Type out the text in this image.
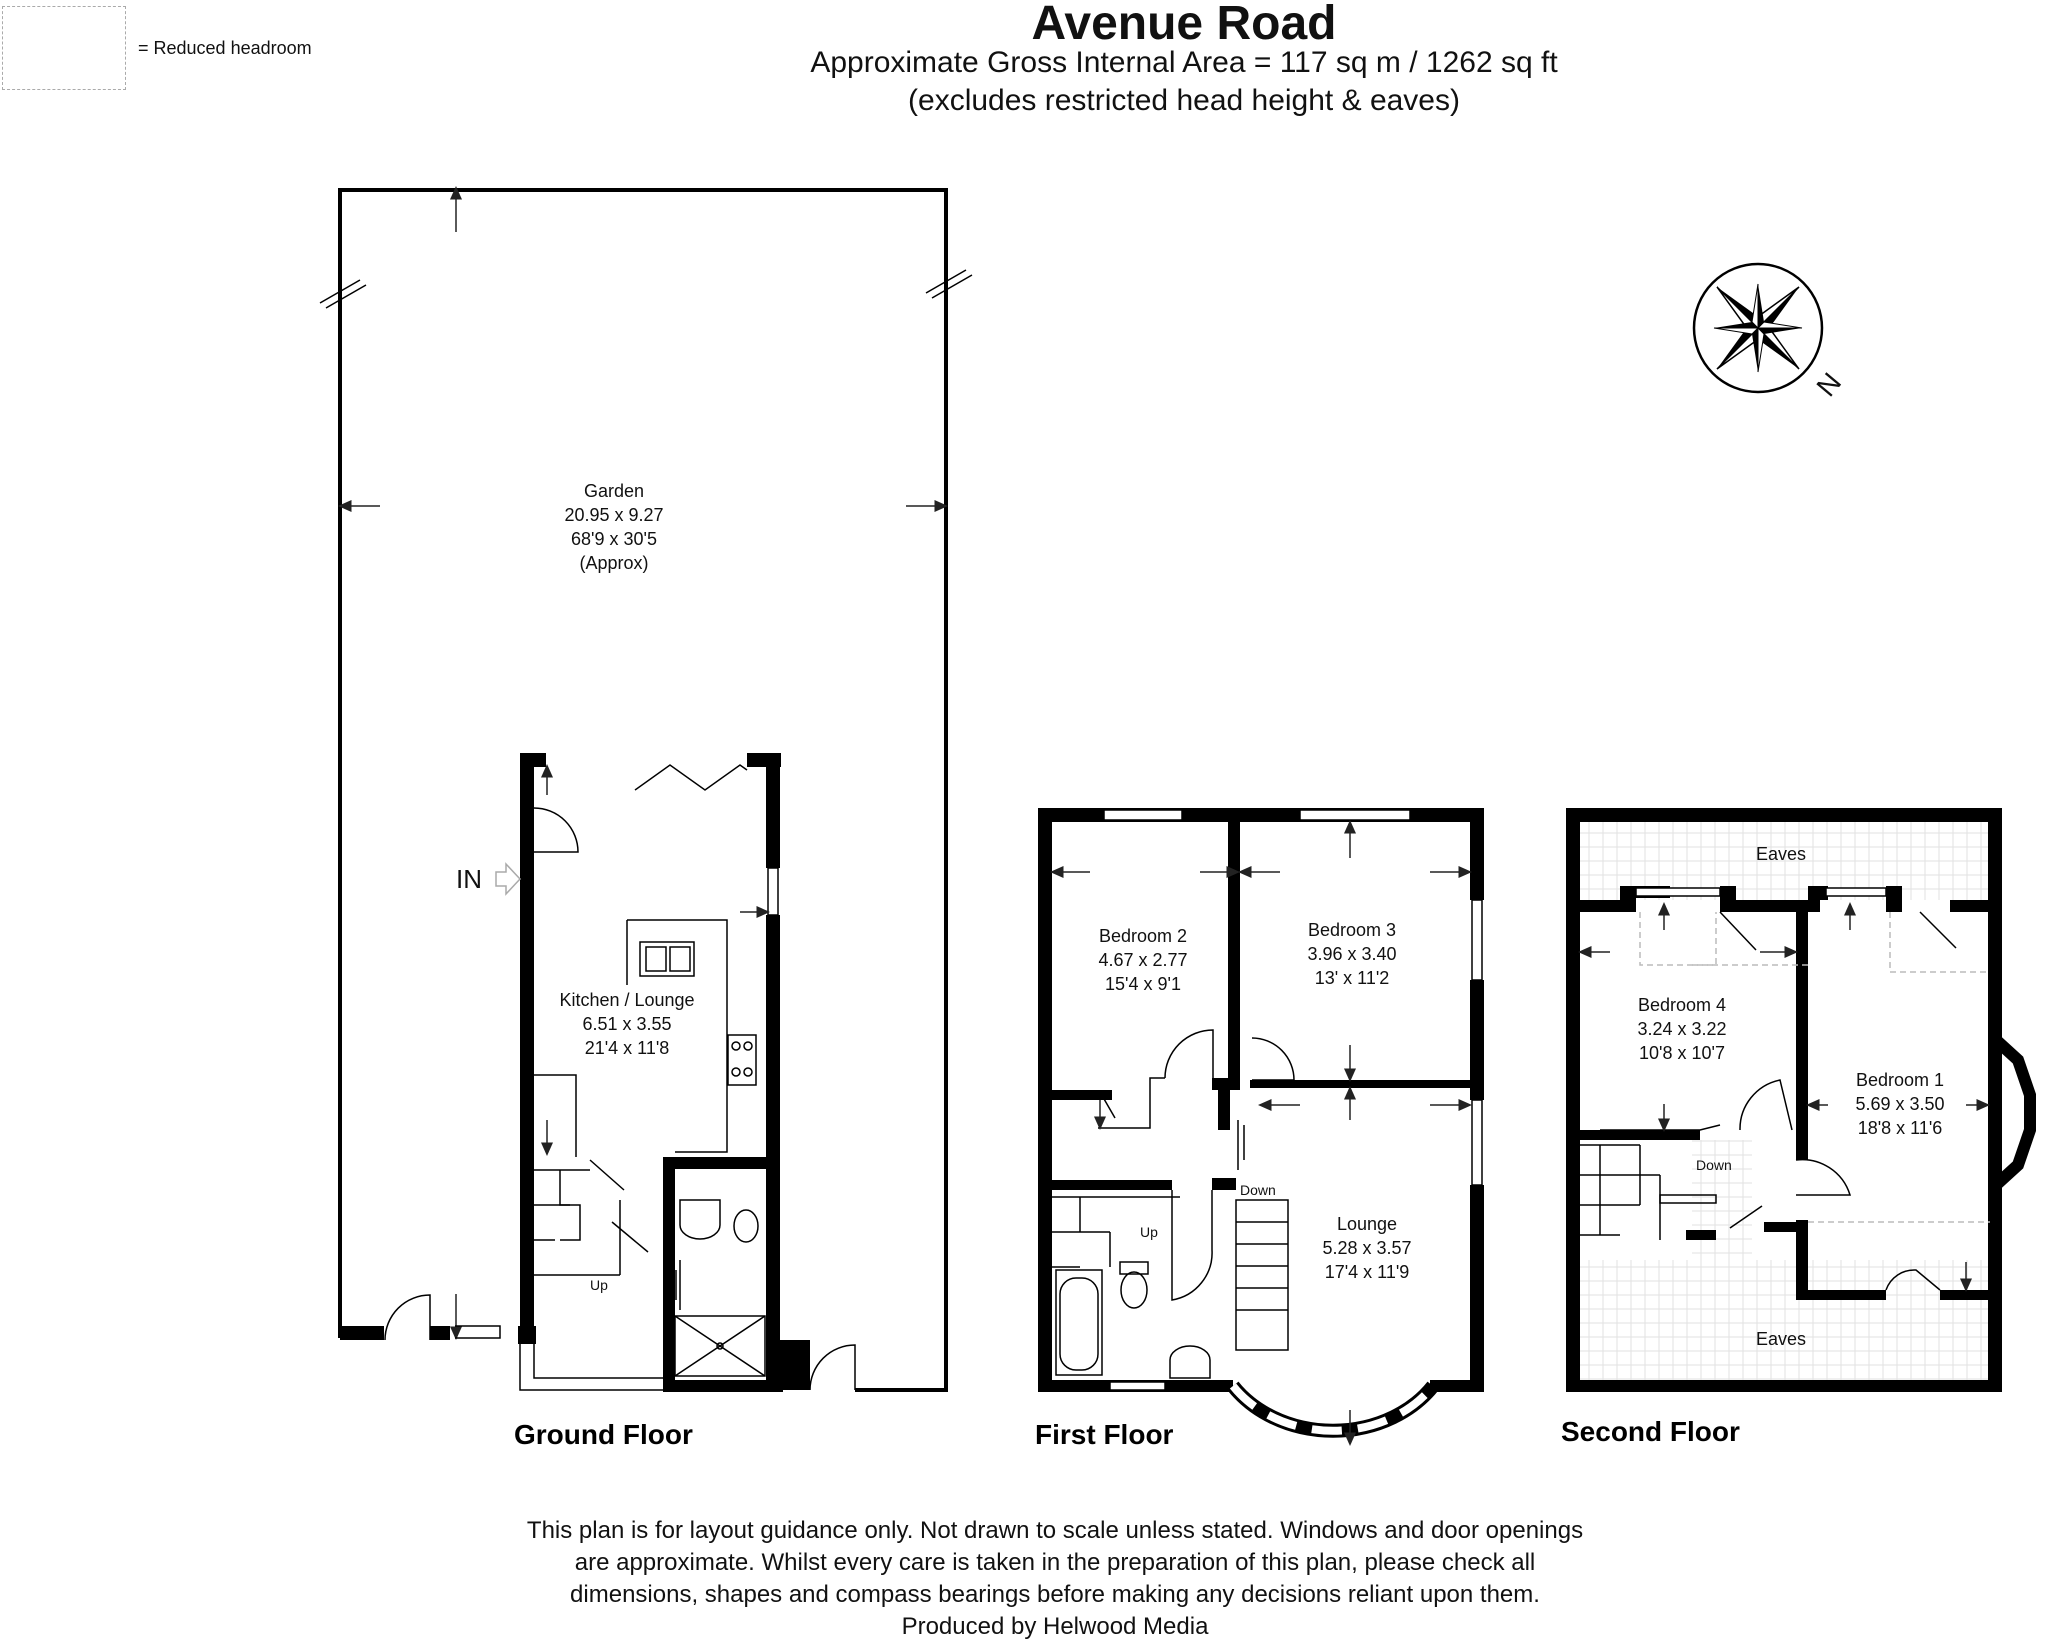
= Reduced headroom	Avenue Road
Approximate Gross Internal Area = 117 sq m / 1262 sq ft
(excludes restricted head height & eaves)
N
Garden
20.95 x 9.27
68'9 x 30'5
(Approx)
Kitchen / Lounge
6.51 x 3.55
21'4 x 11'8
Bedroom 2
4.67 x 2.77
15'4 x 9'1
Bedroom 3
3.96 x 3.40
13' x 11'2
Lounge
5.28 x 3.57
17'4 x 11'9
Bedroom 4
3.24 x 3.22
10'8 x 10'7
Bedroom 1
5.69 x 3.50
18'8 x 11'6
Eaves
Eaves
Up
Up
Down
Down
IN
Ground Floor	First Floor	Second Floor
This plan is for layout guidance only. Not drawn to scale unless stated. Windows and door openings
are approximate. Whilst every care is taken in the preparation of this plan, please check all
dimensions, shapes and compass bearings before making any decisions reliant upon them.
Produced by Helwood Media
